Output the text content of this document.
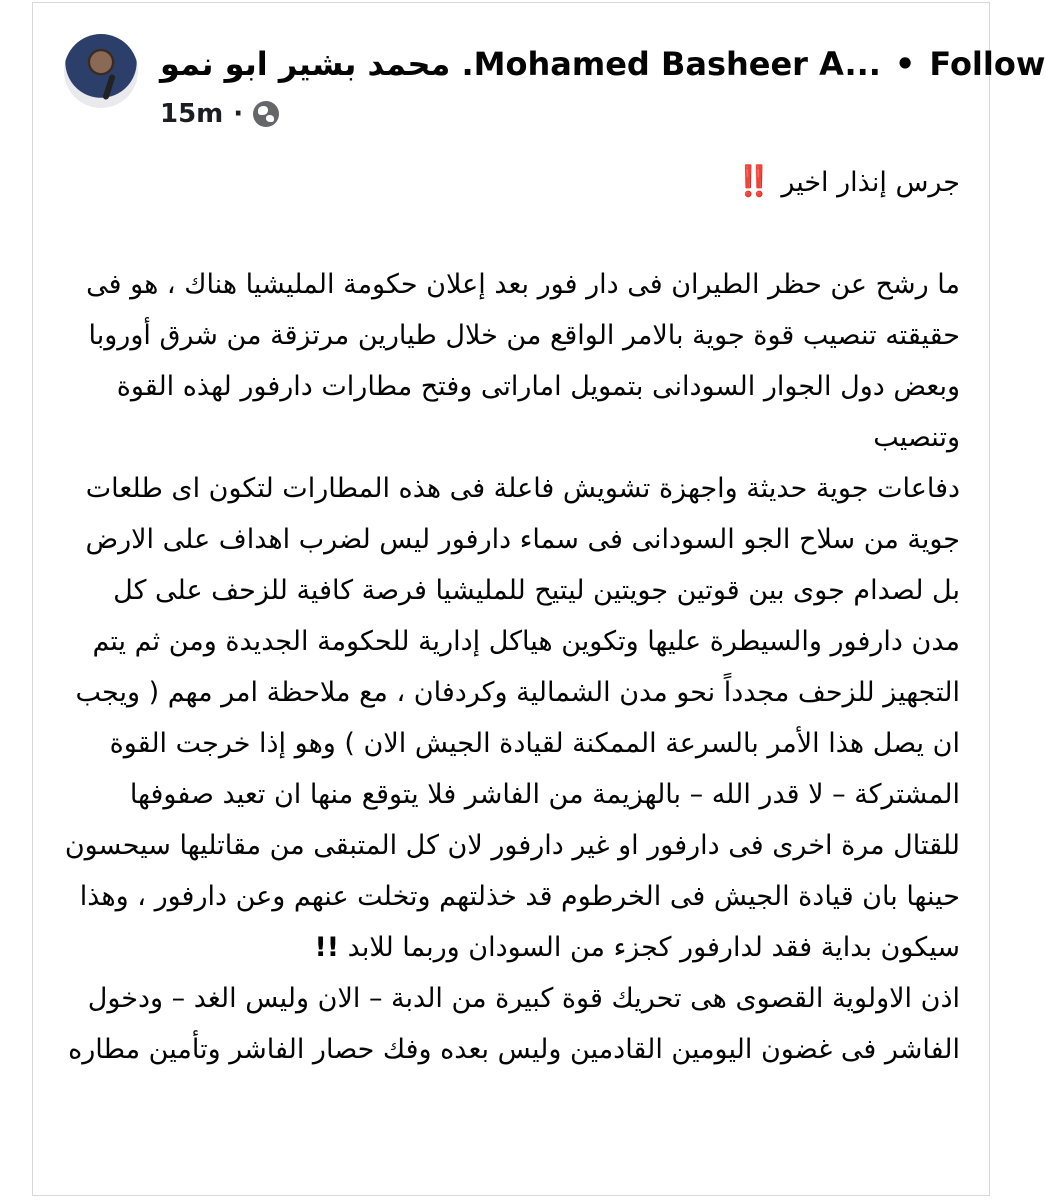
محمد بشير ابو نمو .Mohamed Basheer A... • Follow
15m ·

جرس إنذار اخير ‼️

ما رشح عن حظر الطيران فى دار فور بعد إعلان حكومة المليشيا هناك ، هو فى حقيقته تنصيب قوة جوية بالامر الواقع من خلال طيارين مرتزقة من شرق أوروبا وبعض دول الجوار السودانى بتمويل اماراتى وفتح مطارات دارفور لهذه القوة وتنصيب

دفاعات جوية حديثة واجهزة تشويش فاعلة فى هذه المطارات لتكون اى طلعات جوية من سلاح الجو السودانى فى سماء دارفور ليس لضرب اهداف على الارض بل لصدام جوى بين قوتين جويتين ليتيح للمليشيا فرصة كافية للزحف على كل مدن دارفور والسيطرة عليها وتكوين هياكل إدارية للحكومة الجديدة ومن ثم يتم التجهيز للزحف مجدداً نحو مدن الشمالية وكردفان ، مع ملاحظة امر مهم ( ويجب ان يصل هذا الأمر بالسرعة الممكنة لقيادة الجيش الان ) وهو إذا خرجت القوة المشتركة – لا قدر الله – بالهزيمة من الفاشر فلا يتوقع منها ان تعيد صفوفها للقتال مرة اخرى فى دارفور او غير دارفور لان كل المتبقى من مقاتليها سيحسون حينها بان قيادة الجيش فى الخرطوم قد خذلتهم وتخلت عنهم وعن دارفور ، وهذا سيكون بداية فقد لدارفور كجزء من السودان وربما للابد !!

اذن الاولوية القصوى هى تحريك قوة كبيرة من الدبة – الان وليس الغد – ودخول الفاشر فى غضون اليومين القادمين وليس بعده وفك حصار الفاشر وتأمين مطاره
